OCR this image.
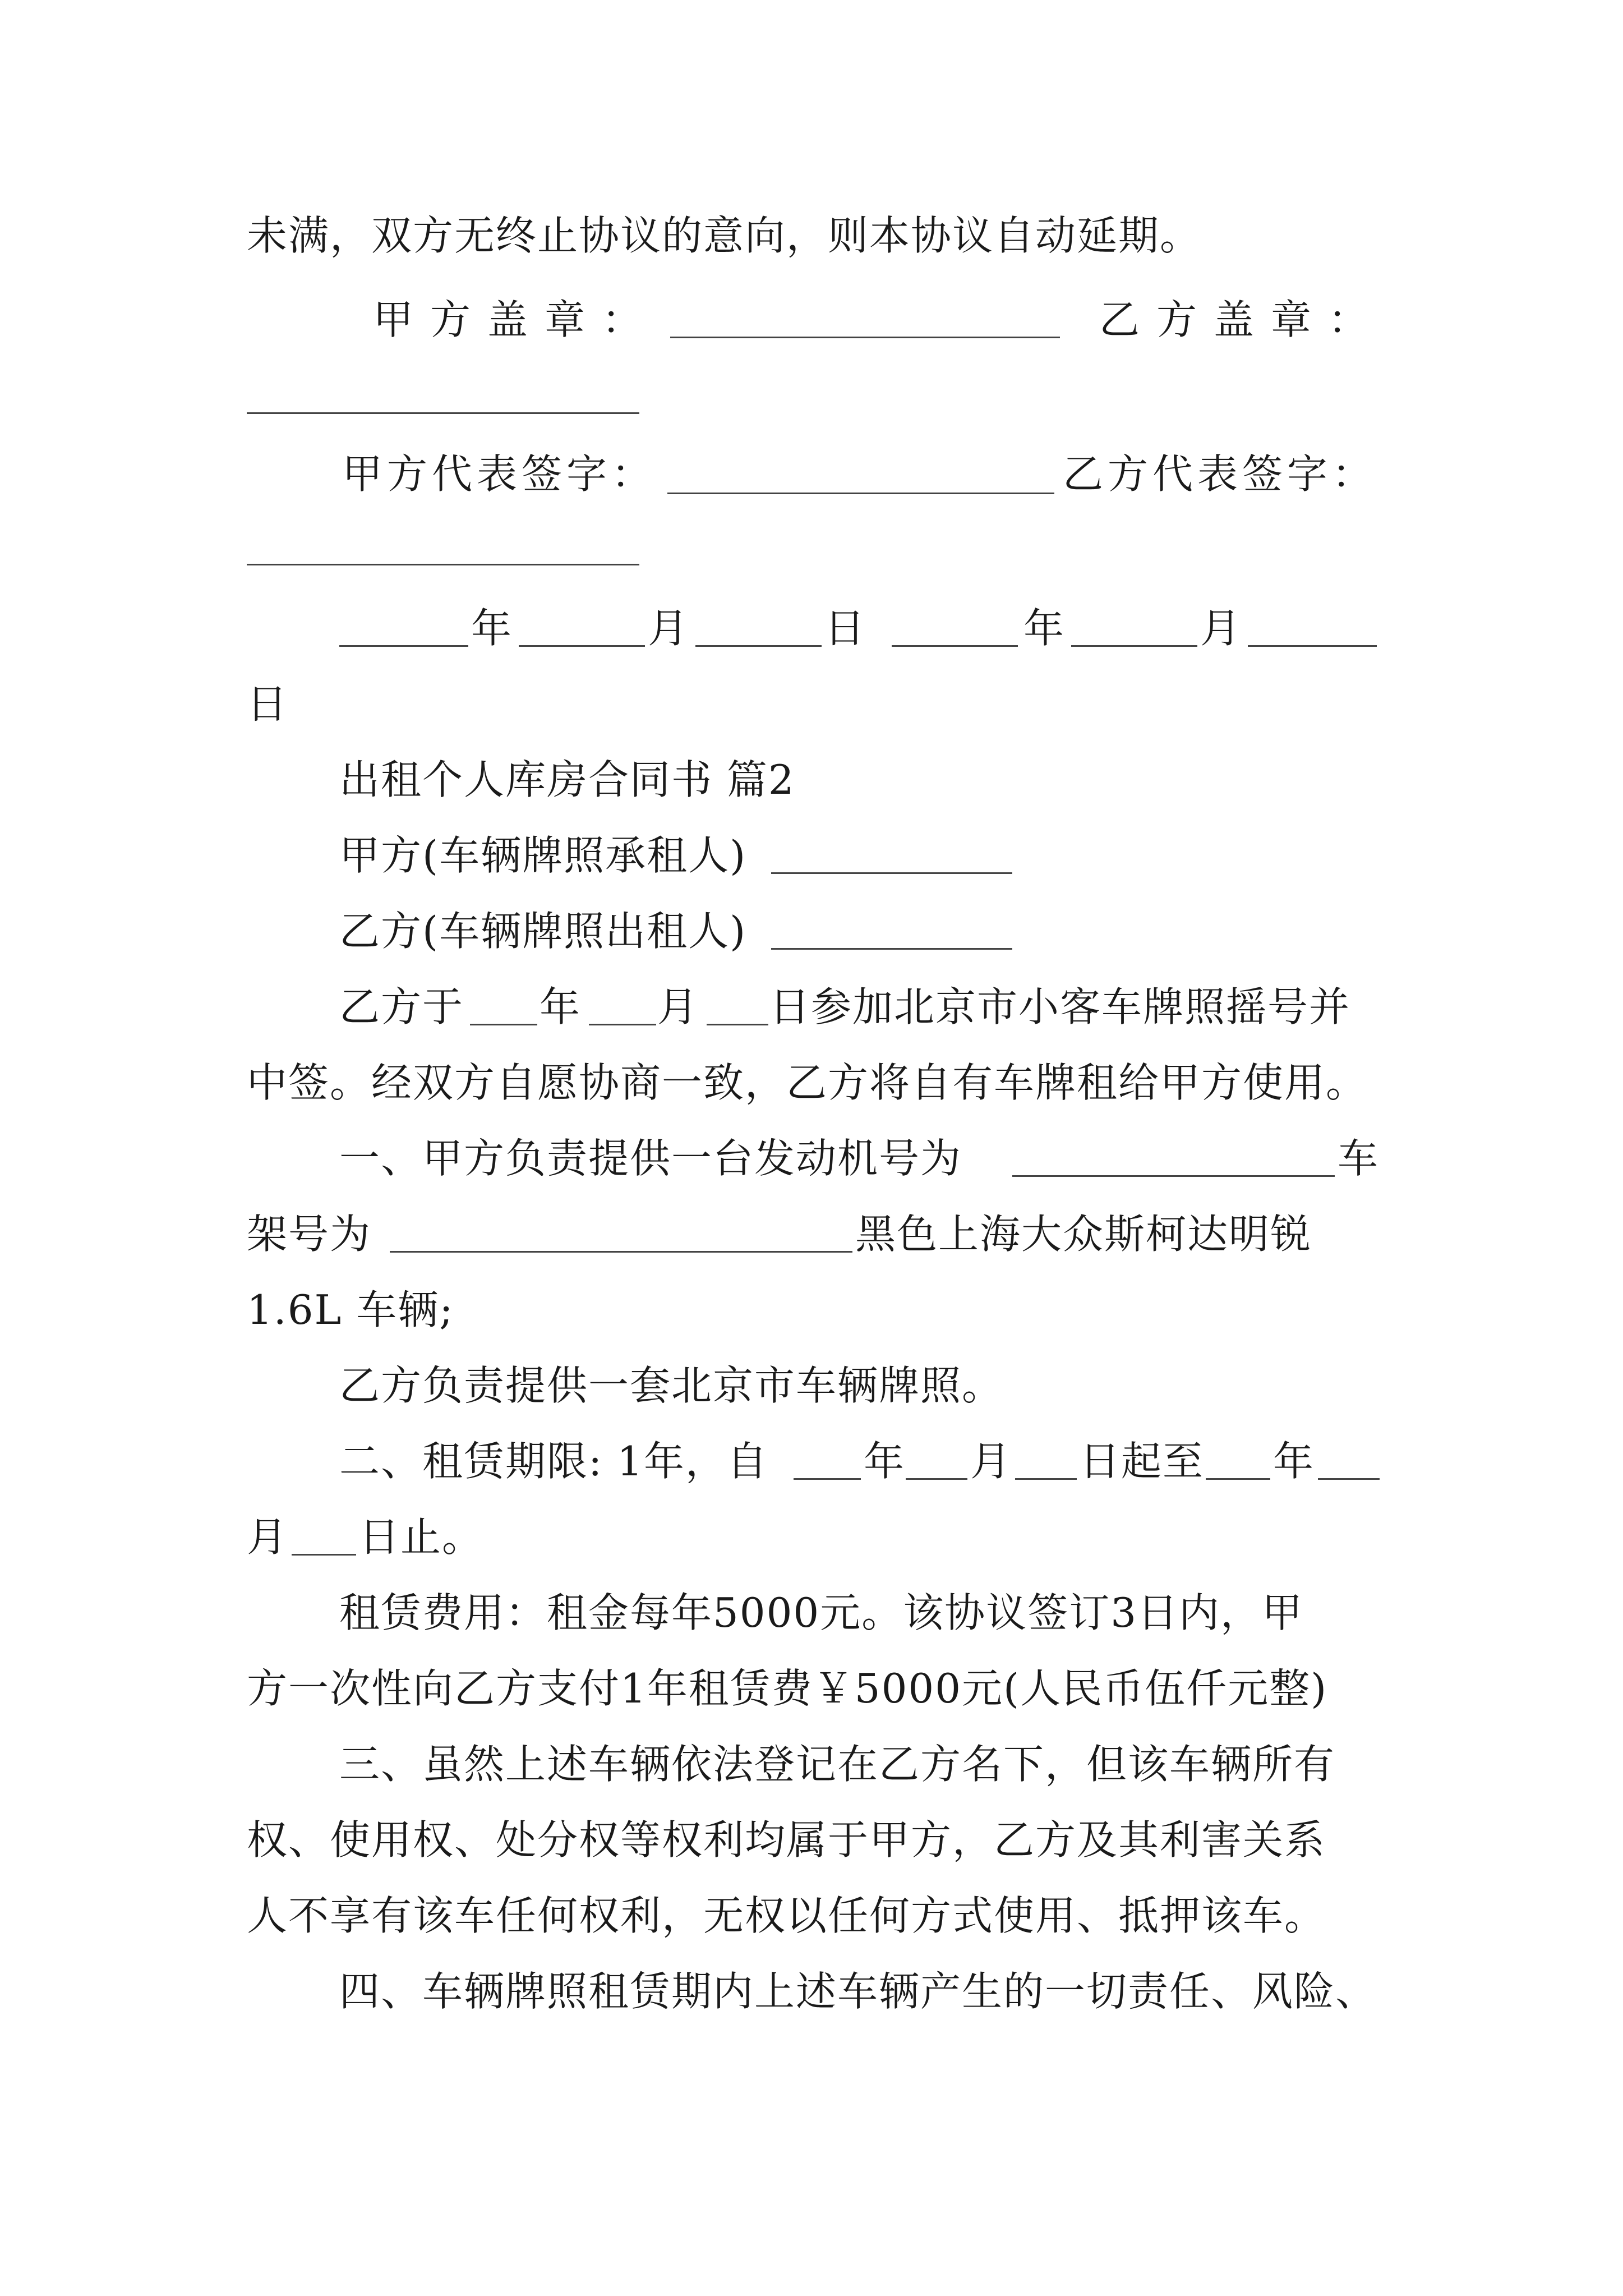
未满，双方无终止协议的意向，则本协议自动延期。
甲方盖章：	乙方盖章：
甲方代表签字：	乙方代表签字：
年	月	日	年	月
日
出租个人库房合同书 篇2
甲方(车辆牌照承租人)
乙方(车辆牌照出租人)
乙方于 年 月 日参加北京市小客车牌照摇号并
中签。经双方自愿协商一致，乙方将自有车牌租给甲方使用。
一、甲方负责提供一台发动机号为	车
架号为	黑色上海大众斯柯达明锐
1.6L 车辆;
乙方负责提供一套北京市车辆牌照。
二、租赁期限: 1年，自 年 月 日起至 年
月 日止。
租赁费用：租金每年5000元。该协议签订3日内，甲
方一次性向乙方支付1年租赁费￥5000元(人民币伍仟元整)
三、虽然上述车辆依法登记在乙方名下，但该车辆所有
权、使用权、处分权等权利均属于甲方，乙方及其利害关系
人不享有该车任何权利，无权以任何方式使用、抵押该车。
四、车辆牌照租赁期内上述车辆产生的一切责任、风险、
